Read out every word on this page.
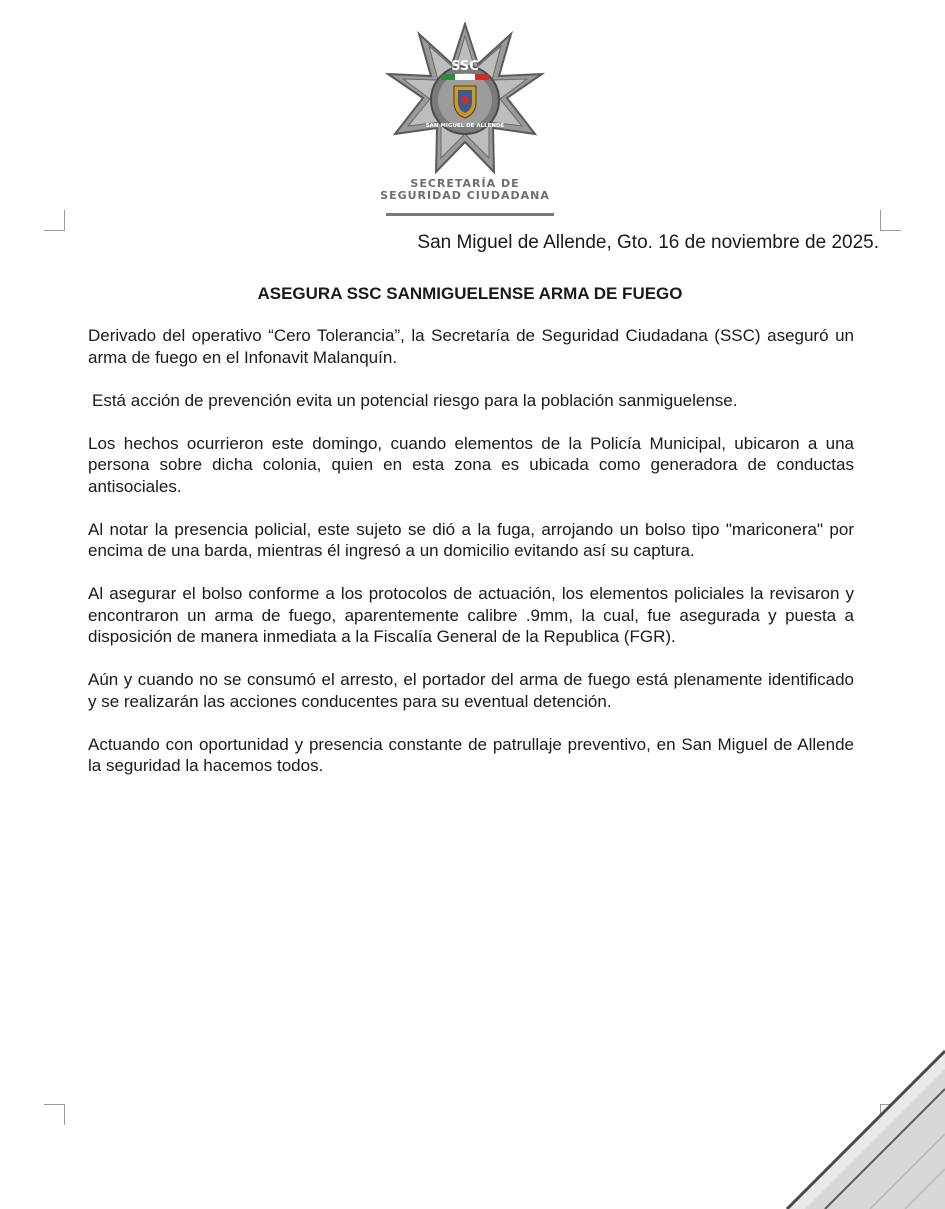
SSC
SAN MIGUEL DE ALLENDE
SECRETARÍA DE
SEGURIDAD CIUDADANA
San Miguel de Allende, Gto. 16 de noviembre de 2025.
ASEGURA SSC SANMIGUELENSE ARMA DE FUEGO

Derivado del operativo “Cero Tolerancia”, la Secretaría de Seguridad Ciudadana (SSC) aseguró un arma de fuego en el Infonavit Malanquín.

Está acción de prevención evita un potencial riesgo para la población sanmiguelense.

Los hechos ocurrieron este domingo, cuando elementos de la Policía Municipal, ubicaron a una persona sobre dicha colonia, quien en esta zona es ubicada como generadora de conductas antisociales.

Al notar la presencia policial, este sujeto se dió a la fuga, arrojando un bolso tipo "mariconera" por encima de una barda, mientras él ingresó a un domicilio evitando así su captura.

Al asegurar el bolso conforme a los protocolos de actuación, los elementos policiales la revisaron y encontraron un arma de fuego, aparentemente calibre .9mm, la cual, fue asegurada y puesta a disposición de manera inmediata a la Fiscalía General de la Republica (FGR).

Aún y cuando no se consumó el arresto, el portador del arma de fuego está plenamente identificado y se realizarán las acciones conducentes para su eventual detención.

Actuando con oportunidad y presencia constante de patrullaje preventivo, en San Miguel de Allende la seguridad la hacemos todos.
